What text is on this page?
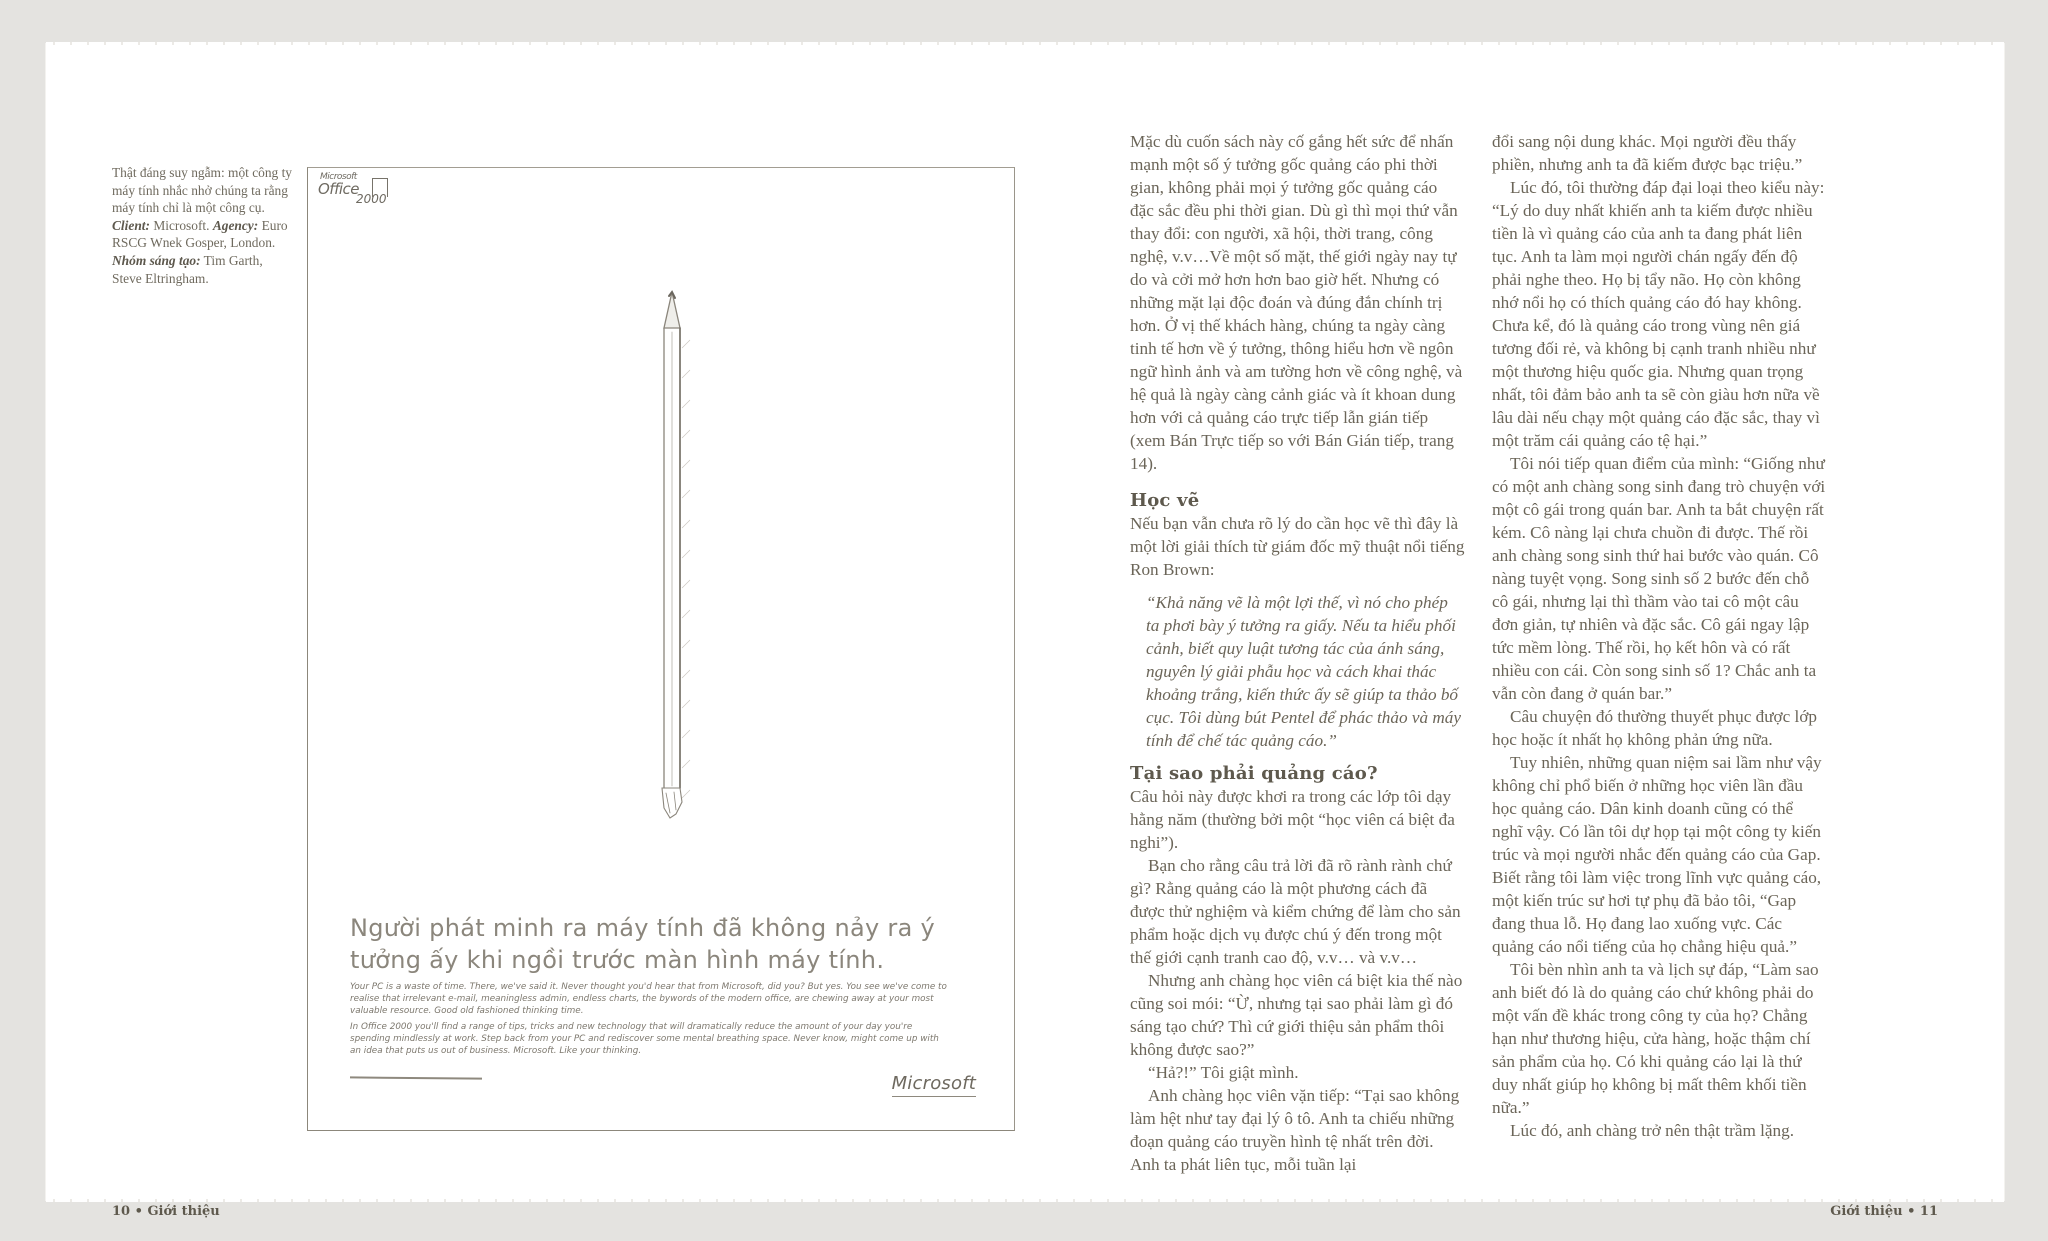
Thật đáng suy ngẫm: một công ty máy tính nhắc nhở chúng ta rằng máy tính chỉ là một công cụ. Client: Microsoft. Agency: Euro RSCG Wnek Gosper, London. Nhóm sáng tạo: Tim Garth, Steve Eltringham.
Microsoft
Office
2000
Người phát minh ra máy tính đã không nảy ra ý tưởng ấy khi ngồi trước màn hình máy tính.

Your PC is a waste of time. There, we've said it. Never thought you'd hear that from Microsoft, did you? But yes. You see we've come to realise that irrelevant e-mail, meaningless admin, endless charts, the bywords of the modern office, are chewing away at your most valuable resource. Good old fashioned thinking time.

In Office 2000 you'll find a range of tips, tricks and new technology that will dramatically reduce the amount of your day you're spending mindlessly at work. Step back from your PC and rediscover some mental breathing space. Never know, might come up with an idea that puts us out of business. Microsoft. Like your thinking.

Microsoft

Mặc dù cuốn sách này cố gắng hết sức để nhấn mạnh một số ý tưởng gốc quảng cáo phi thời gian, không phải mọi ý tưởng gốc quảng cáo đặc sắc đều phi thời gian. Dù gì thì mọi thứ vẫn thay đổi: con người, xã hội, thời trang, công nghệ, v.v…Về một số mặt, thế giới ngày nay tự do và cởi mở hơn hơn bao giờ hết. Nhưng có những mặt lại độc đoán và đúng đắn chính trị hơn. Ở vị thế khách hàng, chúng ta ngày càng tinh tế hơn về ý tưởng, thông hiểu hơn về ngôn ngữ hình ảnh và am tường hơn về công nghệ, và hệ quả là ngày càng cảnh giác và ít khoan dung hơn với cả quảng cáo trực tiếp lẫn gián tiếp (xem Bán Trực tiếp so với Bán Gián tiếp, trang 14).

Học vẽ

Nếu bạn vẫn chưa rõ lý do cần học vẽ thì đây là một lời giải thích từ giám đốc mỹ thuật nổi tiếng Ron Brown:

“Khả năng vẽ là một lợi thế, vì nó cho phép ta phơi bày ý tưởng ra giấy. Nếu ta hiểu phối cảnh, biết quy luật tương tác của ánh sáng, nguyên lý giải phẫu học và cách khai thác khoảng trắng, kiến thức ấy sẽ giúp ta thảo bố cục. Tôi dùng bút Pentel để phác thảo và máy tính để chế tác quảng cáo.”
Tại sao phải quảng cáo?

Câu hỏi này được khơi ra trong các lớp tôi dạy hằng năm (thường bởi một “học viên cá biệt đa nghi”).

Bạn cho rằng câu trả lời đã rõ rành rành chứ gì? Rằng quảng cáo là một phương cách đã được thử nghiệm và kiểm chứng để làm cho sản phẩm hoặc dịch vụ được chú ý đến trong một thế giới cạnh tranh cao độ, v.v… và v.v…

Nhưng anh chàng học viên cá biệt kia thế nào cũng soi mói: “Ừ, nhưng tại sao phải làm gì đó sáng tạo chứ? Thì cứ giới thiệu sản phẩm thôi không được sao?”

“Hả?!” Tôi giật mình.

Anh chàng học viên vặn tiếp: “Tại sao không làm hệt như tay đại lý ô tô. Anh ta chiếu những đoạn quảng cáo truyền hình tệ nhất trên đời. Anh ta phát liên tục, mỗi tuần lại

đổi sang nội dung khác. Mọi người đều thấy phiền, nhưng anh ta đã kiếm được bạc triệu.”

Lúc đó, tôi thường đáp đại loại theo kiểu này: “Lý do duy nhất khiến anh ta kiếm được nhiều tiền là vì quảng cáo của anh ta đang phát liên tục. Anh ta làm mọi người chán ngấy đến độ phải nghe theo. Họ bị tẩy não. Họ còn không nhớ nổi họ có thích quảng cáo đó hay không. Chưa kể, đó là quảng cáo trong vùng nên giá tương đối rẻ, và không bị cạnh tranh nhiều như một thương hiệu quốc gia. Nhưng quan trọng nhất, tôi đảm bảo anh ta sẽ còn giàu hơn nữa về lâu dài nếu chạy một quảng cáo đặc sắc, thay vì một trăm cái quảng cáo tệ hại.”

Tôi nói tiếp quan điểm của mình: “Giống như có một anh chàng song sinh đang trò chuyện với một cô gái trong quán bar. Anh ta bắt chuyện rất kém. Cô nàng lại chưa chuồn đi được. Thế rồi anh chàng song sinh thứ hai bước vào quán. Cô nàng tuyệt vọng. Song sinh số 2 bước đến chỗ cô gái, nhưng lại thì thầm vào tai cô một câu đơn giản, tự nhiên và đặc sắc. Cô gái ngay lập tức mềm lòng. Thế rồi, họ kết hôn và có rất nhiều con cái. Còn song sinh số 1? Chắc anh ta vẫn còn đang ở quán bar.”

Câu chuyện đó thường thuyết phục được lớp học hoặc ít nhất họ không phản ứng nữa.

Tuy nhiên, những quan niệm sai lầm như vậy không chỉ phổ biến ở những học viên lần đầu học quảng cáo. Dân kinh doanh cũng có thể nghĩ vậy. Có lần tôi dự họp tại một công ty kiến trúc và mọi người nhắc đến quảng cáo của Gap. Biết rằng tôi làm việc trong lĩnh vực quảng cáo, một kiến trúc sư hơi tự phụ đã bảo tôi, “Gap đang thua lỗ. Họ đang lao xuống vực. Các quảng cáo nổi tiếng của họ chẳng hiệu quả.”

Tôi bèn nhìn anh ta và lịch sự đáp, “Làm sao anh biết đó là do quảng cáo chứ không phải do một vấn đề khác trong công ty của họ? Chẳng hạn như thương hiệu, cửa hàng, hoặc thậm chí sản phẩm của họ. Có khi quảng cáo lại là thứ duy nhất giúp họ không bị mất thêm khối tiền nữa.”

Lúc đó, anh chàng trở nên thật trầm lặng.

10 • Giới thiệu	Giới thiệu • 11
